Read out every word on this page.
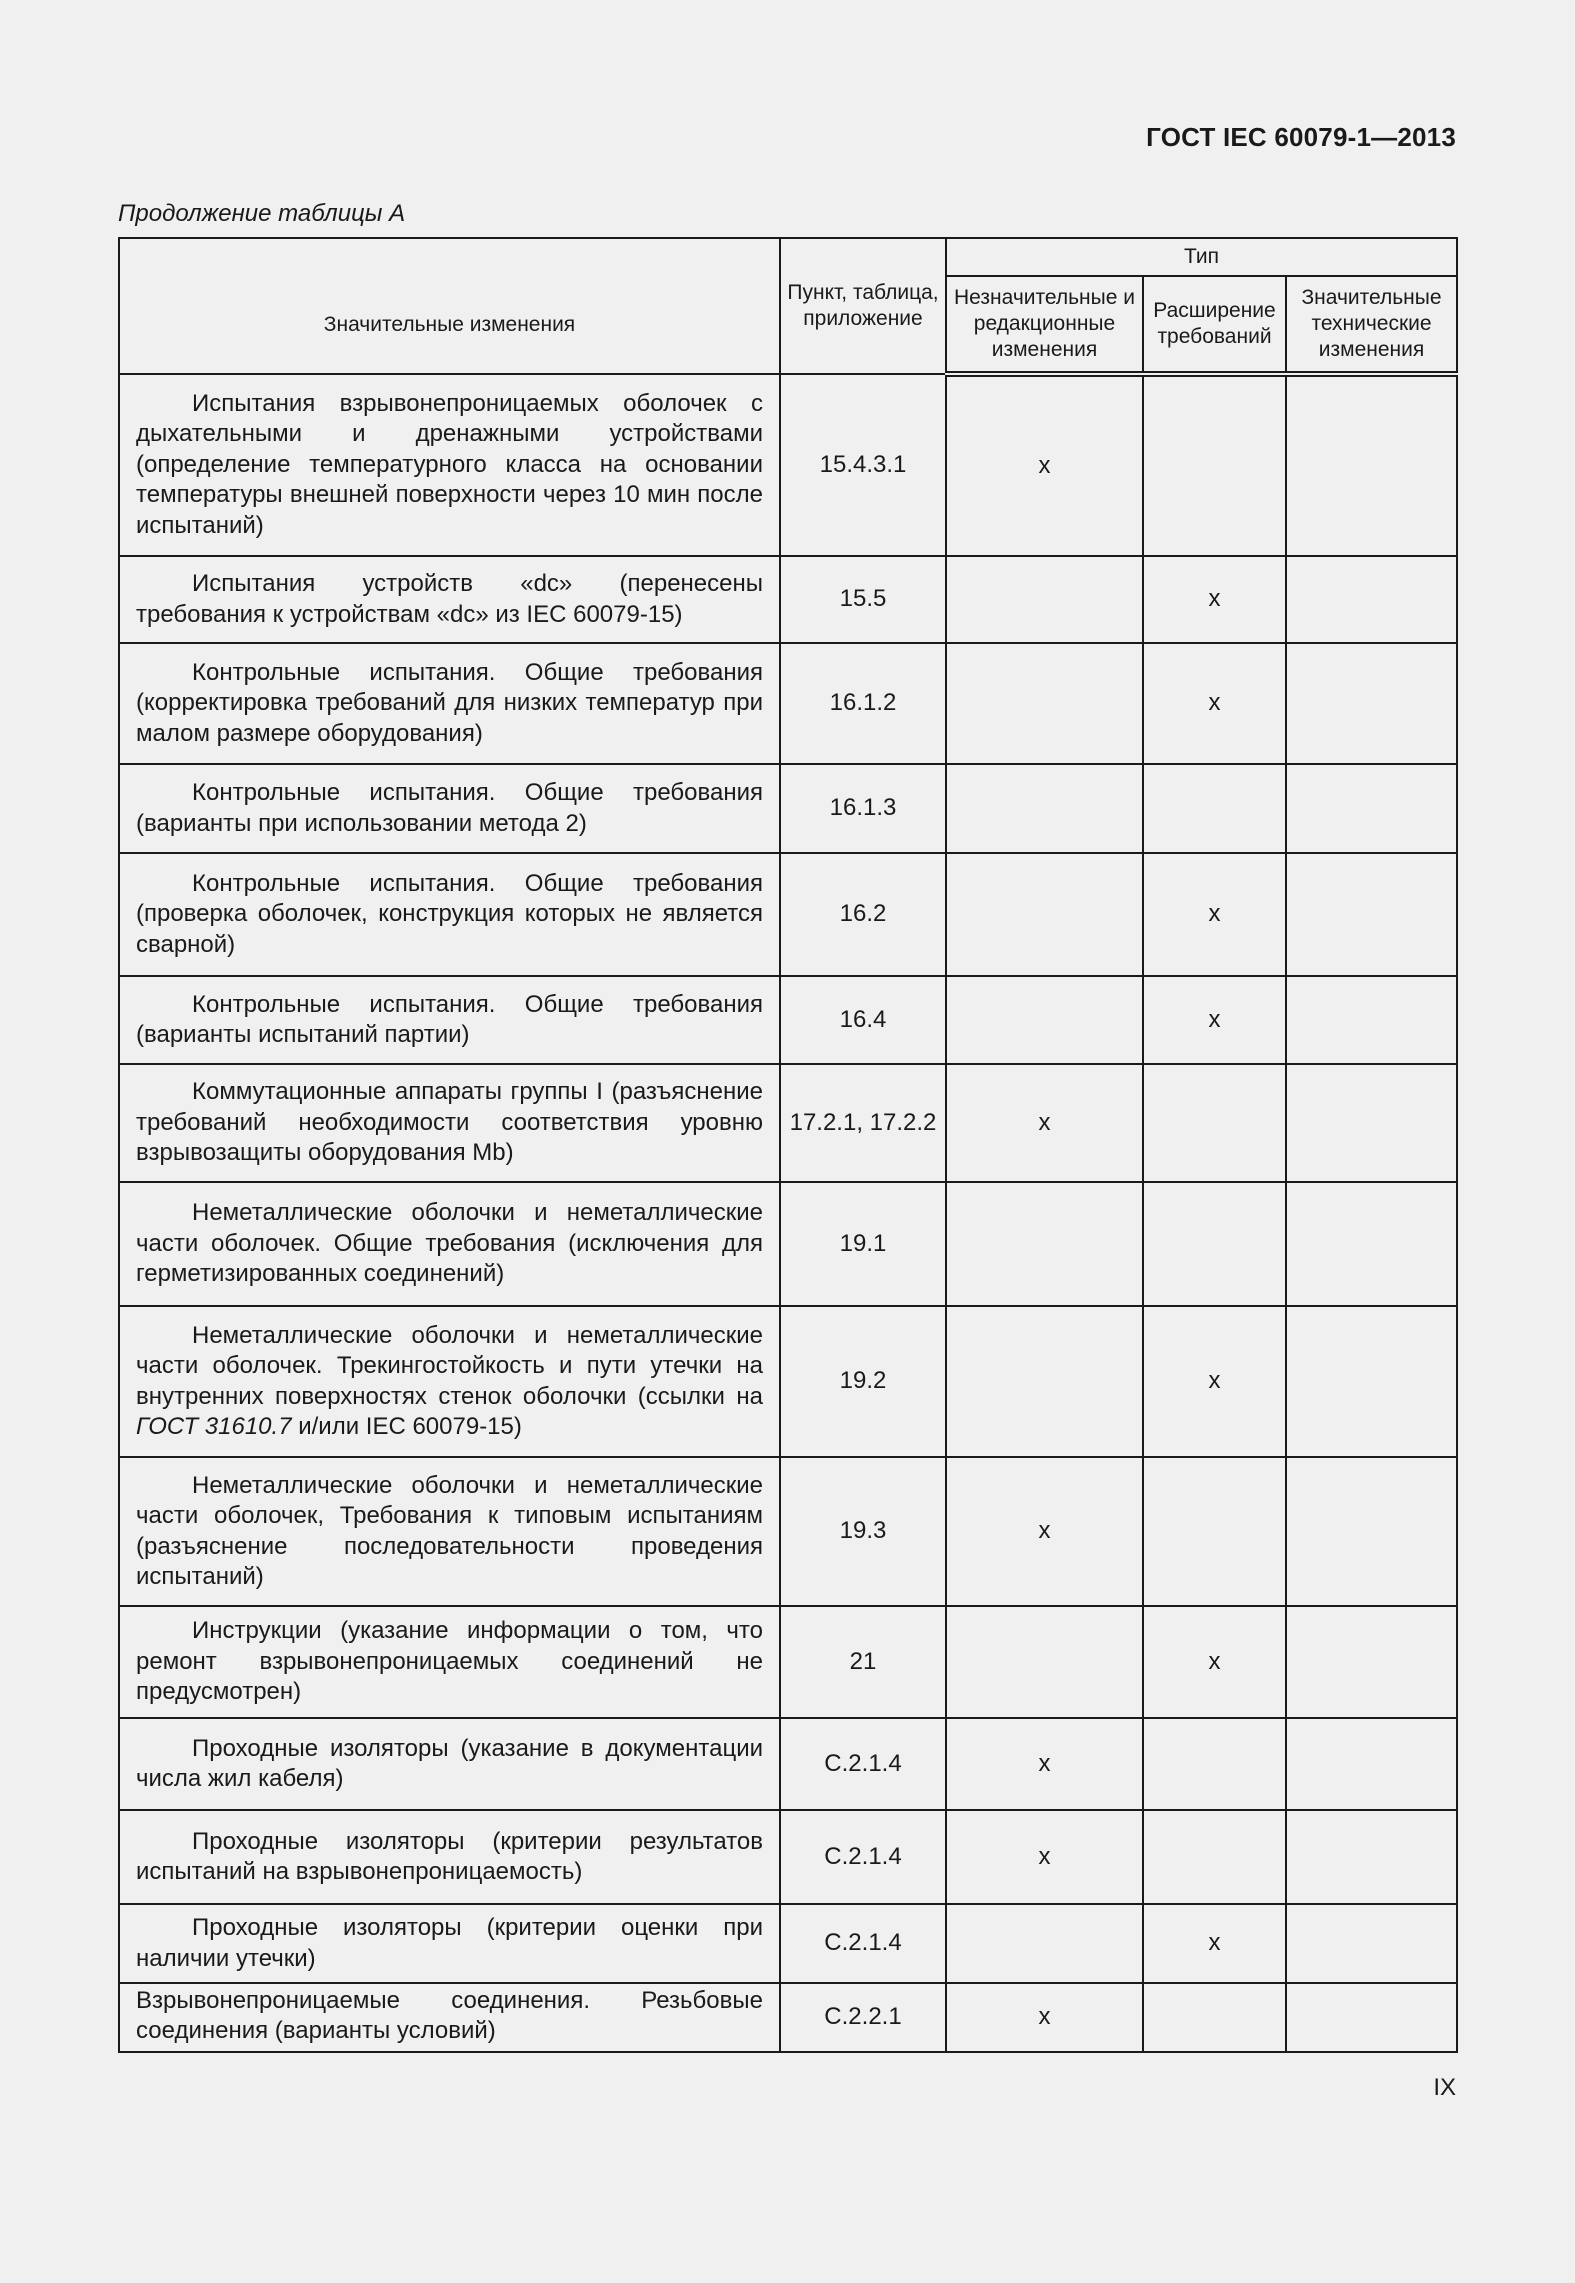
ГОСТ IEC 60079-1—2013
Продолжение таблицы А
Значительные изменения	Пункт, таблица, приложение	Тип		
		Незначительные и редакционные изменения	Расширение требований	Значительные технические изменения
Испытания взрывонепроницаемых оболочек с дыхательными и дренажными устройствами (определение температурного класса на основании температуры внешней поверхности через 10 мин после испытаний)	15.4.3.1	x		
Испытания устройств «dc» (перенесены требования к устройствам «dc» из IEC 60079-15)	15.5		x	
Контрольные испытания. Общие требования (корректировка требований для низких температур при малом размере оборудования)	16.1.2		x	
Контрольные испытания. Общие требования (варианты при использовании метода 2)	16.1.3			
Контрольные испытания. Общие требования (проверка оболочек, конструкция которых не является сварной)	16.2		x	
Контрольные испытания. Общие требования (варианты испытаний партии)	16.4		x	
Коммутационные аппараты группы I (разъяснение требований необходимости соответствия уровню взрывозащиты оборудования Mb)	17.2.1, 17.2.2	x		
Неметаллические оболочки и неметаллические части оболочек. Общие требования (исключения для герметизированных соединений)	19.1			
Неметаллические оболочки и неметаллические части оболочек. Трекингостойкость и пути утечки на внутренних поверхностях стенок оболочки (ссылки на ГОСТ 31610.7 и/или IEC 60079-15)	19.2		x	
Неметаллические оболочки и неметаллические части оболочек, Требования к типовым испытаниям (разъяснение последовательности проведения испытаний)	19.3	x		
Инструкции (указание информации о том, что ремонт взрывонепроницаемых соединений не предусмотрен)	21		x	
Проходные изоляторы (указание в документации числа жил кабеля)	С.2.1.4	x		
Проходные изоляторы (критерии результатов испытаний на взрывонепроницаемость)	С.2.1.4	x		
Проходные изоляторы (критерии оценки при наличии утечки)	С.2.1.4		x	
Взрывонепроницаемые соединения. Резьбовые соединения (варианты условий)	С.2.2.1	x		
IX
